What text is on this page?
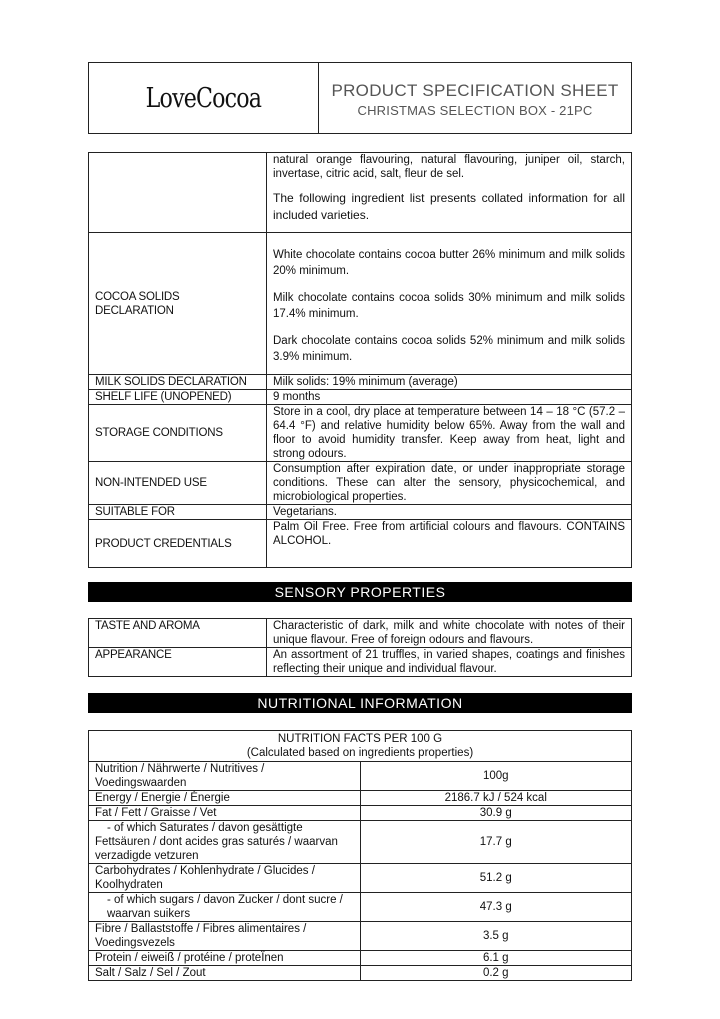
LoveCocoa	PRODUCT SPECIFICATION SHEET
CHRISTMAS SELECTION BOX - 21PC

	natural orange flavouring, natural flavouring, juniper oil, starch, invertase, citric acid, salt, fleur de sel.

The following ingredient list presents collated information for all included varieties.

COCOA SOLIDS DECLARATION	White chocolate contains cocoa butter 26% minimum and milk solids 20% minimum.

Milk chocolate contains cocoa solids 30% minimum and milk solids 17.4% minimum.

Dark chocolate contains cocoa solids 52% minimum and milk solids 3.9% minimum.

MILK SOLIDS DECLARATION	Milk solids: 19% minimum (average)
SHELF LIFE (UNOPENED)	9 months
STORAGE CONDITIONS	Store in a cool, dry place at temperature between 14 – 18 °C (57.2 – 64.4 °F) and relative humidity below 65%. Away from the wall and floor to avoid humidity transfer. Keep away from heat, light and strong odours.
NON-INTENDED USE	Consumption after expiration date, or under inappropriate storage conditions. These can alter the sensory, physicochemical, and microbiological properties.
SUITABLE FOR	Vegetarians.
PRODUCT CREDENTIALS	Palm Oil Free. Free from artificial colours and flavours. CONTAINS ALCOHOL.
SENSORY PROPERTIES
TASTE AND AROMA	Characteristic of dark, milk and white chocolate with notes of their unique flavour. Free of foreign odours and flavours.
APPEARANCE	An assortment of 21 truffles, in varied shapes, coatings and finishes reflecting their unique and individual flavour.
NUTRITIONAL INFORMATION
NUTRITION FACTS PER 100 G
(Calculated based on ingredients properties)	

Nutrition / Nährwerte / Nutritives / Voedingswaarden	100g
Energy / Energie / Énergie	2186.7 kJ / 524 kcal
Fat / Fett / Graisse / Vet	30.9 g
- of which Saturates / davon gesättigte Fettsäuren / dont acides gras saturés / waarvan verzadigde vetzuren	17.7 g
Carbohydrates / Kohlenhydrate / Glucides / Koolhydraten	51.2 g
- of which sugars / davon Zucker / dont sucre / waarvan suikers	47.3 g
Fibre / Ballaststoffe / Fibres alimentaires / Voedingsvezels	3.5 g
Protein / eiweiß / protéine / proteÏnen	6.1 g
Salt / Salz / Sel / Zout	0.2 g
